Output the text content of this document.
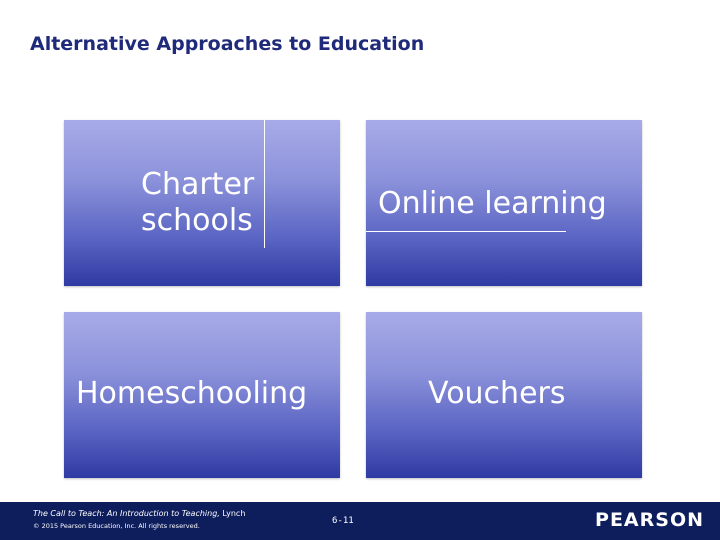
Alternative Approaches to Education
Charter schools	Online learning
Homeschooling	Vouchers
The Call to Teach: An Introduction to Teaching, Lynch
© 2015 Pearson Education, Inc. All rights reserved.	6-11	PEARSON
